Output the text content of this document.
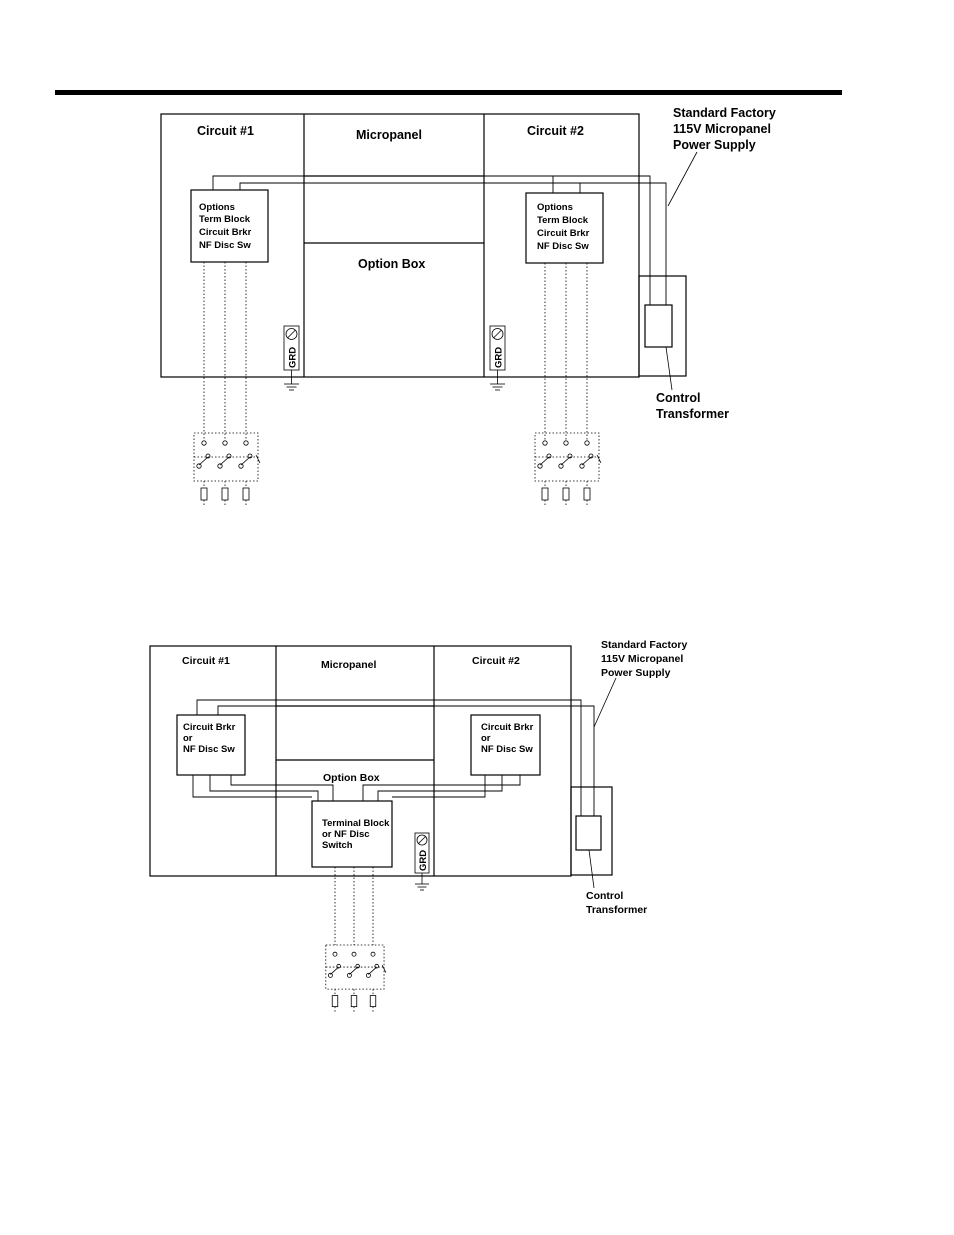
Circuit #1	Micropanel	Circuit #2
Option Box
Standard Factory 115V Micropanel Power Supply
Options Term Block Circuit Brkr NF Disc Sw
Options Term Block Circuit Brkr NF Disc Sw
Control Transformer
GRD	GRD
Circuit #1	Micropanel	Circuit #2
Option Box
Standard Factory 115V Micropanel Power Supply
Circuit Brkr or NF Disc Sw
Circuit Brkr or NF Disc Sw
Terminal Block or NF Disc Switch
GRD
Control Transformer
